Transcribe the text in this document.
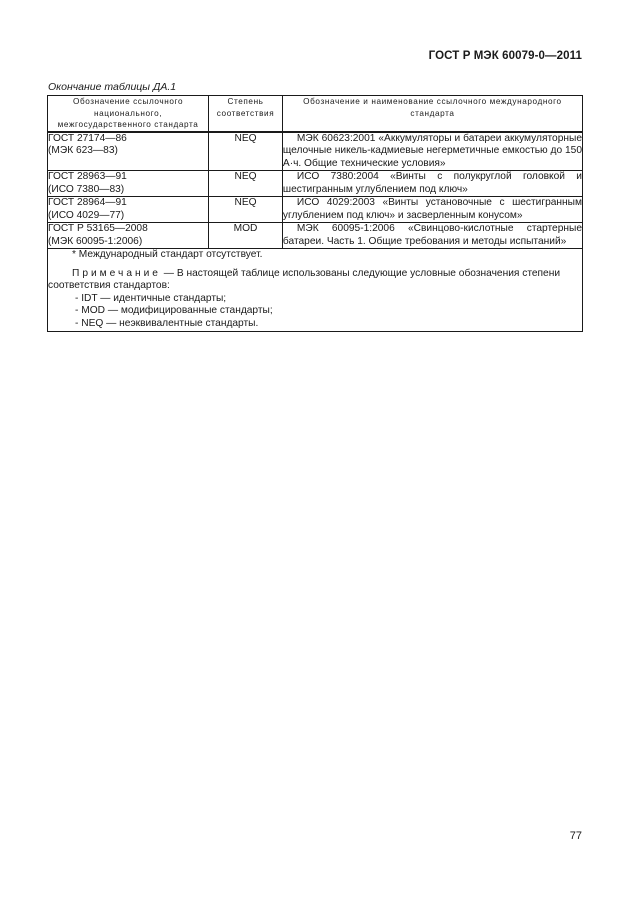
ГОСТ Р МЭК 60079-0—2011
Окончание таблицы ДА.1
Обозначение ссылочного национального, межгосударственного стандарта	Степень соответствия	Обозначение и наименование ссылочного международного стандарта

ГОСТ 27174—86
(МЭК 623—83)	NEQ	МЭК 60623:2001 «Аккумуляторы и батареи аккумуляторные щелочные никель-кадмиевые негерметичные емкостью до 150 А·ч. Общие технические условия»

ГОСТ 28963—91
(ИСО 7380—83)	NEQ	ИСО 7380:2004 «Винты с полукруглой головкой и шестигранным углублением под ключ»

ГОСТ 28964—91
(ИСО 4029—77)	NEQ	ИСО 4029:2003 «Винты установочные с шестигранным углублением под ключ» и засверленным конусом»

ГОСТ Р 53165—2008
(МЭК 60095-1:2006)	MOD	МЭК 60095-1:2006 «Свинцово-кислотные стартерные батареи. Часть 1. Общие требования и методы испытаний»

* Международный стандарт отсутствует.
Примечание — В настоящей таблице использованы следующие условные обозначения степени соответствия стандартов:
- IDT — идентичные стандарты;
- MOD — модифицированные стандарты;
- NEQ — неэквивалентные стандарты.		
77
